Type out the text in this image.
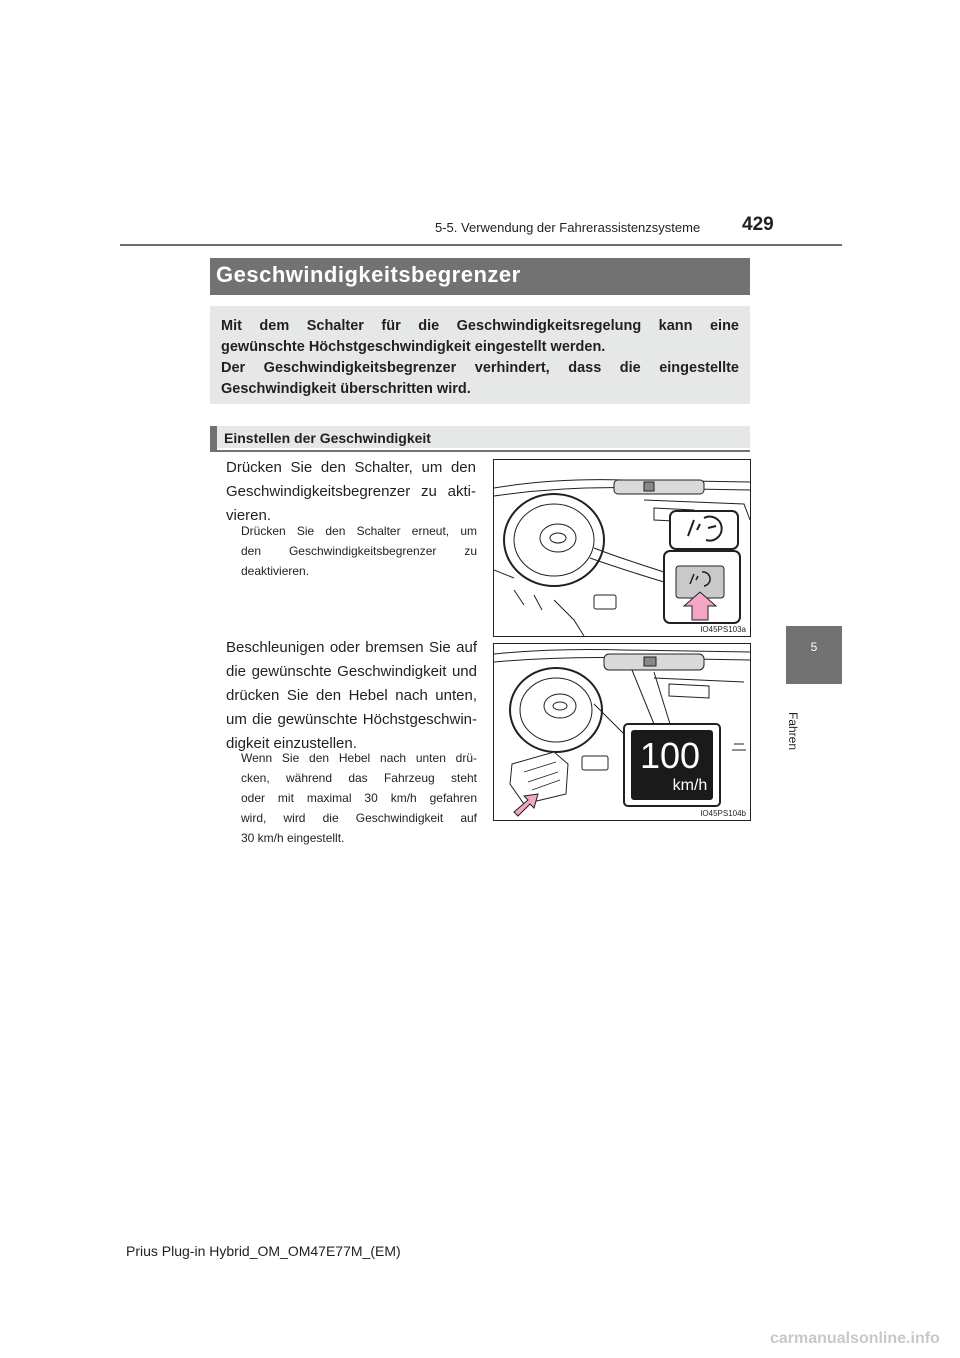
5-5. Verwendung der Fahrerassistenzsysteme 429
5
Fahren
Geschwindigkeitsbegrenzer

Mit dem Schalter für die Geschwindigkeitsregelung kann eine

gewünschte Höchstgeschwindigkeit eingestellt werden.

Der Geschwindigkeitsbegrenzer verhindert, dass die eingestellte

Geschwindigkeit überschritten wird.

Einstellen der Geschwindigkeit
Drücken Sie den Schalter, um den
Geschwindigkeitsbegrenzer zu akti-
vieren.
Drücken Sie den Schalter erneut, um
den Geschwindigkeitsbegrenzer zu
deaktivieren.
IO45PS103a
Beschleunigen oder bremsen Sie auf
die gewünschte Geschwindigkeit und
drücken Sie den Hebel nach unten,
um die gewünschte Höchstgeschwin-
digkeit einzustellen.
Wenn Sie den Hebel nach unten drü-
cken, während das Fahrzeug steht
oder mit maximal 30 km/h gefahren
wird, wird die Geschwindigkeit auf
30 km/h eingestellt.
100
km/h
IO45PS104b
Prius Plug-in Hybrid_OM_OM47E77M_(EM)
carmanualsonline.info
